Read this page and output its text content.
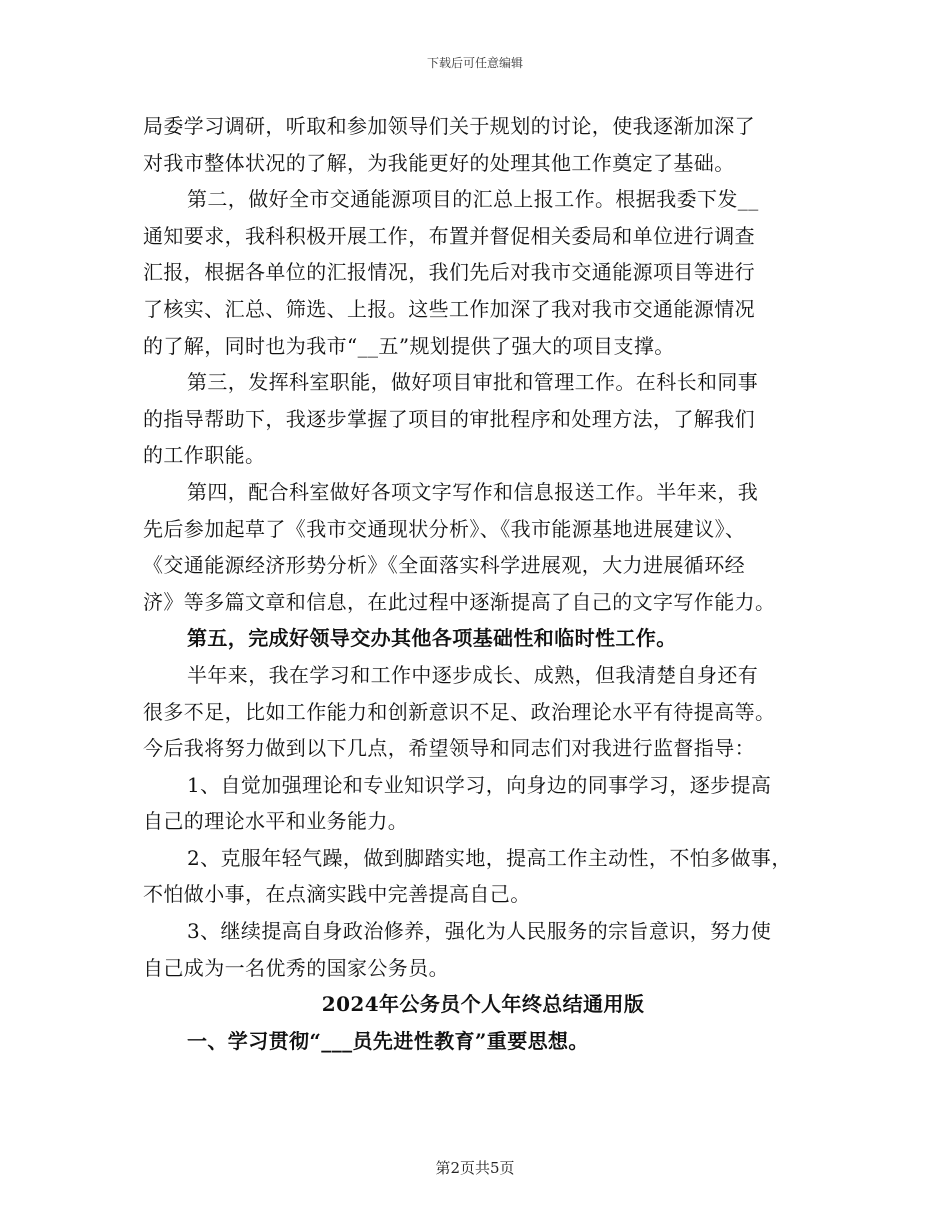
下载后可任意编辑
局委学习调研，听取和参加领导们关于规划的讨论，使我逐渐加深了
对我市整体状况的了解，为我能更好的处理其他工作奠定了基础。
第二，做好全市交通能源项目的汇总上报工作。根据我委下发__
通知要求，我科积极开展工作，布置并督促相关委局和单位进行调查
汇报，根据各单位的汇报情况，我们先后对我市交通能源项目等进行
了核实、汇总、筛选、上报。这些工作加深了我对我市交通能源情况
的了解，同时也为我市“__五”规划提供了强大的项目支撑。
第三，发挥科室职能，做好项目审批和管理工作。在科长和同事
的指导帮助下，我逐步掌握了项目的审批程序和处理方法，了解我们
的工作职能。
第四，配合科室做好各项文字写作和信息报送工作。半年来，我
先后参加起草了《我市交通现状分析》、《我市能源基地进展建议》、
《交通能源经济形势分析》《全面落实科学进展观，大力进展循环经
济》等多篇文章和信息，在此过程中逐渐提高了自己的文字写作能力。
第五，完成好领导交办其他各项基础性和临时性工作。
半年来，我在学习和工作中逐步成长、成熟，但我清楚自身还有
很多不足，比如工作能力和创新意识不足、政治理论水平有待提高等。
今后我将努力做到以下几点，希望领导和同志们对我进行监督指导：
1、自觉加强理论和专业知识学习，向身边的同事学习，逐步提高
自己的理论水平和业务能力。
2、克服年轻气躁，做到脚踏实地，提高工作主动性，不怕多做事，
不怕做小事，在点滴实践中完善提高自己。
3、继续提高自身政治修养，强化为人民服务的宗旨意识，努力使
自己成为一名优秀的国家公务员。
2024年公务员个人年终总结通用版
一、学习贯彻“___员先进性教育”重要思想。
第2页共5页
